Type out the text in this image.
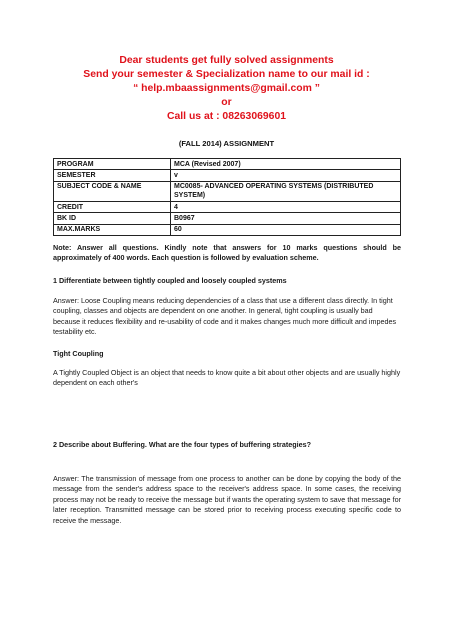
Dear students get fully solved assignments
Send your semester & Specialization name to our mail id :
“ help.mbaassignments@gmail.com ”
or
Call us at : 08263069601
(FALL 2014) ASSIGNMENT
PROGRAM	MCA (Revised 2007)
SEMESTER	v
SUBJECT CODE & NAME	MC0085- ADVANCED OPERATING SYSTEMS (DISTRIBUTED SYSTEM)
CREDIT	4
BK ID	B0967
MAX.MARKS	60
Note: Answer all questions. Kindly note that answers for 10 marks questions should be approximately of 400 words. Each question is followed by evaluation scheme.
1 Differentiate between tightly coupled and loosely coupled systems
Answer: Loose Coupling means reducing dependencies of a class that use a different class directly. In tight coupling, classes and objects are dependent on one another. In general, tight coupling is usually bad because it reduces flexibility and re-usability of code and it makes changes much more difficult and impedes testability etc.
Tight Coupling
A Tightly Coupled Object is an object that needs to know quite a bit about other objects and are usually highly dependent on each other's
2 Describe about Buffering. What are the four types of buffering strategies?
Answer: The transmission of message from one process to another can be done by copying the body of the message from the sender's address space to the receiver's address space. In some cases, the receiving process may not be ready to receive the message but if wants the operating system to save that message for later reception. Transmitted message can be stored prior to receiving process executing specific code to receive the message.
